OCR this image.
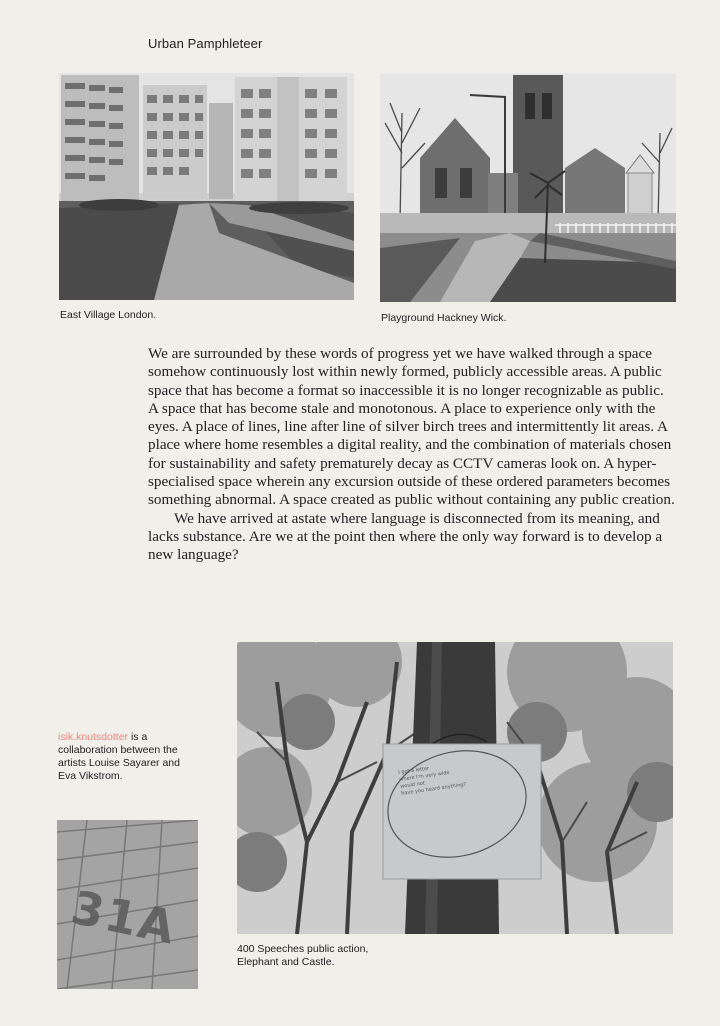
Urban Pamphleteer
East Village London.	Playground Hackney Wick.

We are surrounded by these words of progress yet we have walked through a space somehow continuously lost within newly formed, publicly accessible areas. A public space that has become a format so inaccessible it is no longer recognizable as public. A space that has become stale and monotonous. A place to experience only with the eyes. A place of lines, line after line of silver birch trees and intermittently lit areas. A place where home resembles a digital reality, and the combination of materials chosen for sustainability and safety prematurely decay as CCTV cameras look on. A hyper-specialised space wherein any excursion outside of these ordered parameters becomes something abnormal. A space created as public without containing any public creation.

We have arrived at astate where language is disconnected from its meaning, and lacks substance. Are we at the point then where the only way forward is to develop a new language?

isik.knutsdotter is a collaboration between the artists Louise Sayarer and Eva Vikstrom.	I got a letter
where I'm very wide
would not
have you heard anything?
400 Speeches public action,
Elephant and Castle.
31A
